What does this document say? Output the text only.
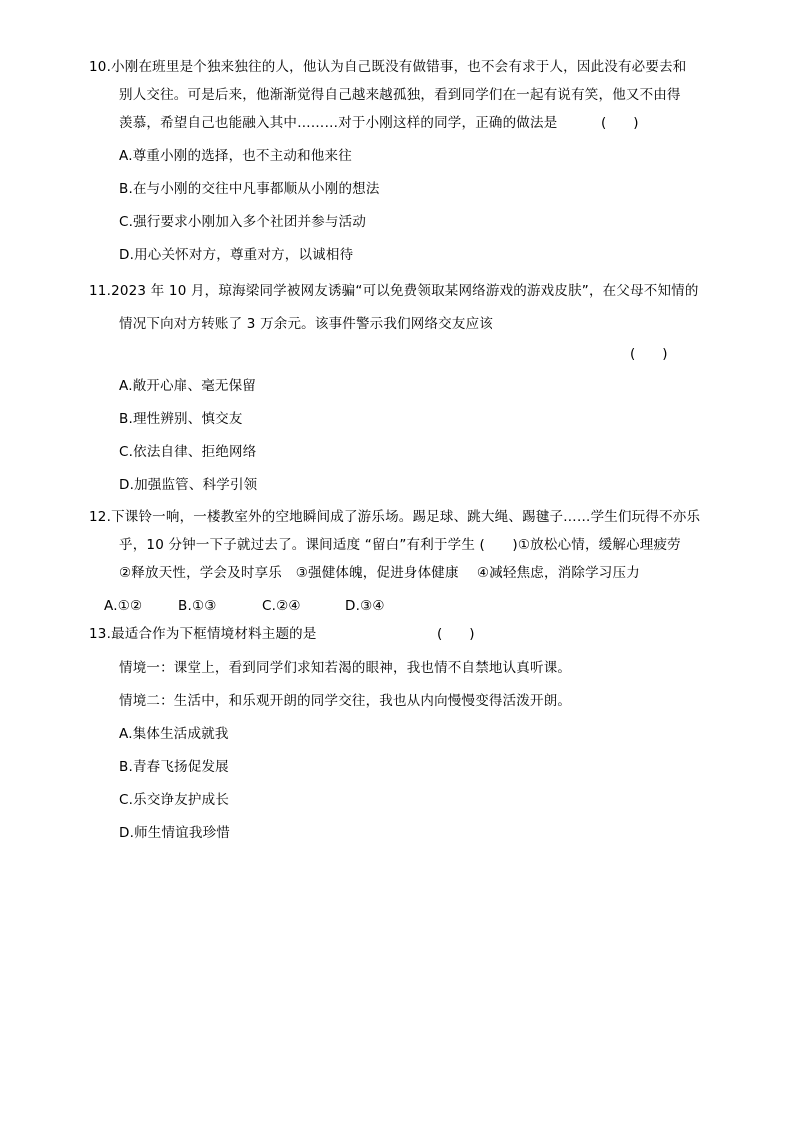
10.小刚在班里是个独来独往的人，他认为自己既没有做错事，也不会有求于人，因此没有必要去和
别人交往。可是后来，他渐渐觉得自己越来越孤独，看到同学们在一起有说有笑，他又不由得
羡慕，希望自己也能融入其中………对于小刚这样的同学，正确的做法是	(　　)
A.尊重小刚的选择，也不主动和他来往
B.在与小刚的交往中凡事都顺从小刚的想法
C.强行要求小刚加入多个社团并参与活动
D.用心关怀对方，尊重对方，以诚相待
11.2023 年 10 月，琼海梁同学被网友诱骗“可以免费领取某网络游戏的游戏皮肤”，在父母不知情的
情况下向对方转账了 3 万余元。该事件警示我们网络交友应该
(　　)
A.敞开心扉、毫无保留
B.理性辨别、慎交友
C.依法自律、拒绝网络
D.加强监管、科学引领
12.下课铃一响，一楼教室外的空地瞬间成了游乐场。踢足球、跳大绳、踢毽子……学生们玩得不亦乐
乎，10 分钟一下子就过去了。课间适度 “留白”有利于学生 (　　)①放松心情，缓解心理疲劳
②释放天性，学会及时享乐　③强健体魄，促进身体健康　 ④减轻焦虑，消除学习压力
A.①②	B.①③	C.②④	D.③④
13.最适合作为下框情境材料主题的是	(　　)
情境一：课堂上，看到同学们求知若渴的眼神，我也情不自禁地认真听课。
情境二：生活中，和乐观开朗的同学交往，我也从内向慢慢变得活泼开朗。
A.集体生活成就我
B.青春飞扬促发展
C.乐交诤友护成长
D.师生情谊我珍惜
